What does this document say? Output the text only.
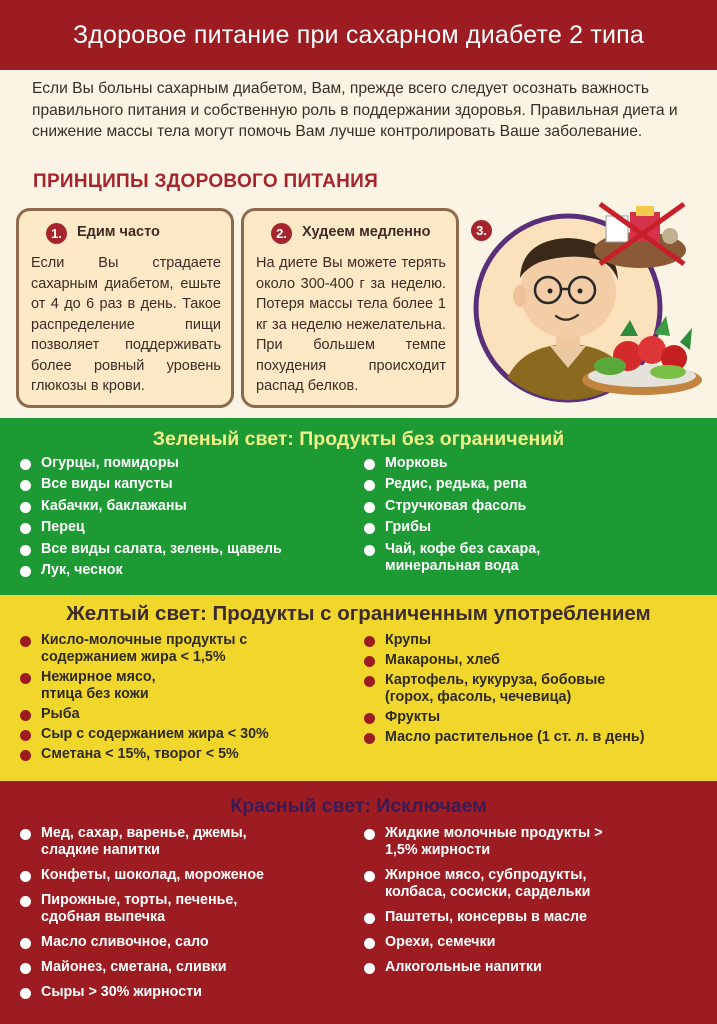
Здоровое питание при сахарном диабете 2 типа

Если Вы больны сахарным диабетом, Вам, прежде всего следует осознать важность правильного питания и собственную роль в поддержании здоровья. Правильная диета и снижение массы тела могут помочь Вам лучше контролировать Ваше заболевание.

ПРИНЦИПЫ ЗДОРОВОГО ПИТАНИЯ
1.	Едим часто

Если Вы страдаете сахарным диабетом, ешьте от 4 до 6 раз в день. Такое распределение пищи позволяет поддерживать более ровный уровень глюкозы в крови.

2.	Худеем медленно

На диете Вы можете терять около 300-400 г за неделю. Потеря массы тела более 1 кг за неделю нежелательна. При большем темпе похудения происходит распад белков.

3.
Зеленый свет: Продукты без ограничений
Огурцы, помидоры
Все виды капусты
Кабачки, баклажаны
Перец
Все виды салата, зелень, щавель
Лук, чеснок
Морковь
Редис, редька, репа
Стручковая фасоль
Грибы
Чай, кофе без сахара, минеральная вода
Желтый свет: Продукты с ограниченным употреблением
Кисло-молочные продукты с содержанием жира < 1,5%
Нежирное мясо, птица без кожи
Рыба
Сыр с содержанием жира < 30%
Сметана < 15%, творог < 5%
Крупы
Макароны, хлеб
Картофель, кукуруза, бобовые (горох, фасоль, чечевица)
Фрукты
Масло растительное (1 ст. л. в день)
Красный свет: Исключаем
Мед, сахар, варенье, джемы, сладкие напитки
Конфеты, шоколад, мороженое
Пирожные, торты, печенье, сдобная выпечка
Масло сливочное, сало
Майонез, сметана, сливки
Сыры > 30% жирности
Жидкие молочные продукты > 1,5% жирности
Жирное мясо, субпродукты, колбаса, сосиски, сардельки
Паштеты, консервы в масле
Орехи, семечки
Алкогольные напитки
